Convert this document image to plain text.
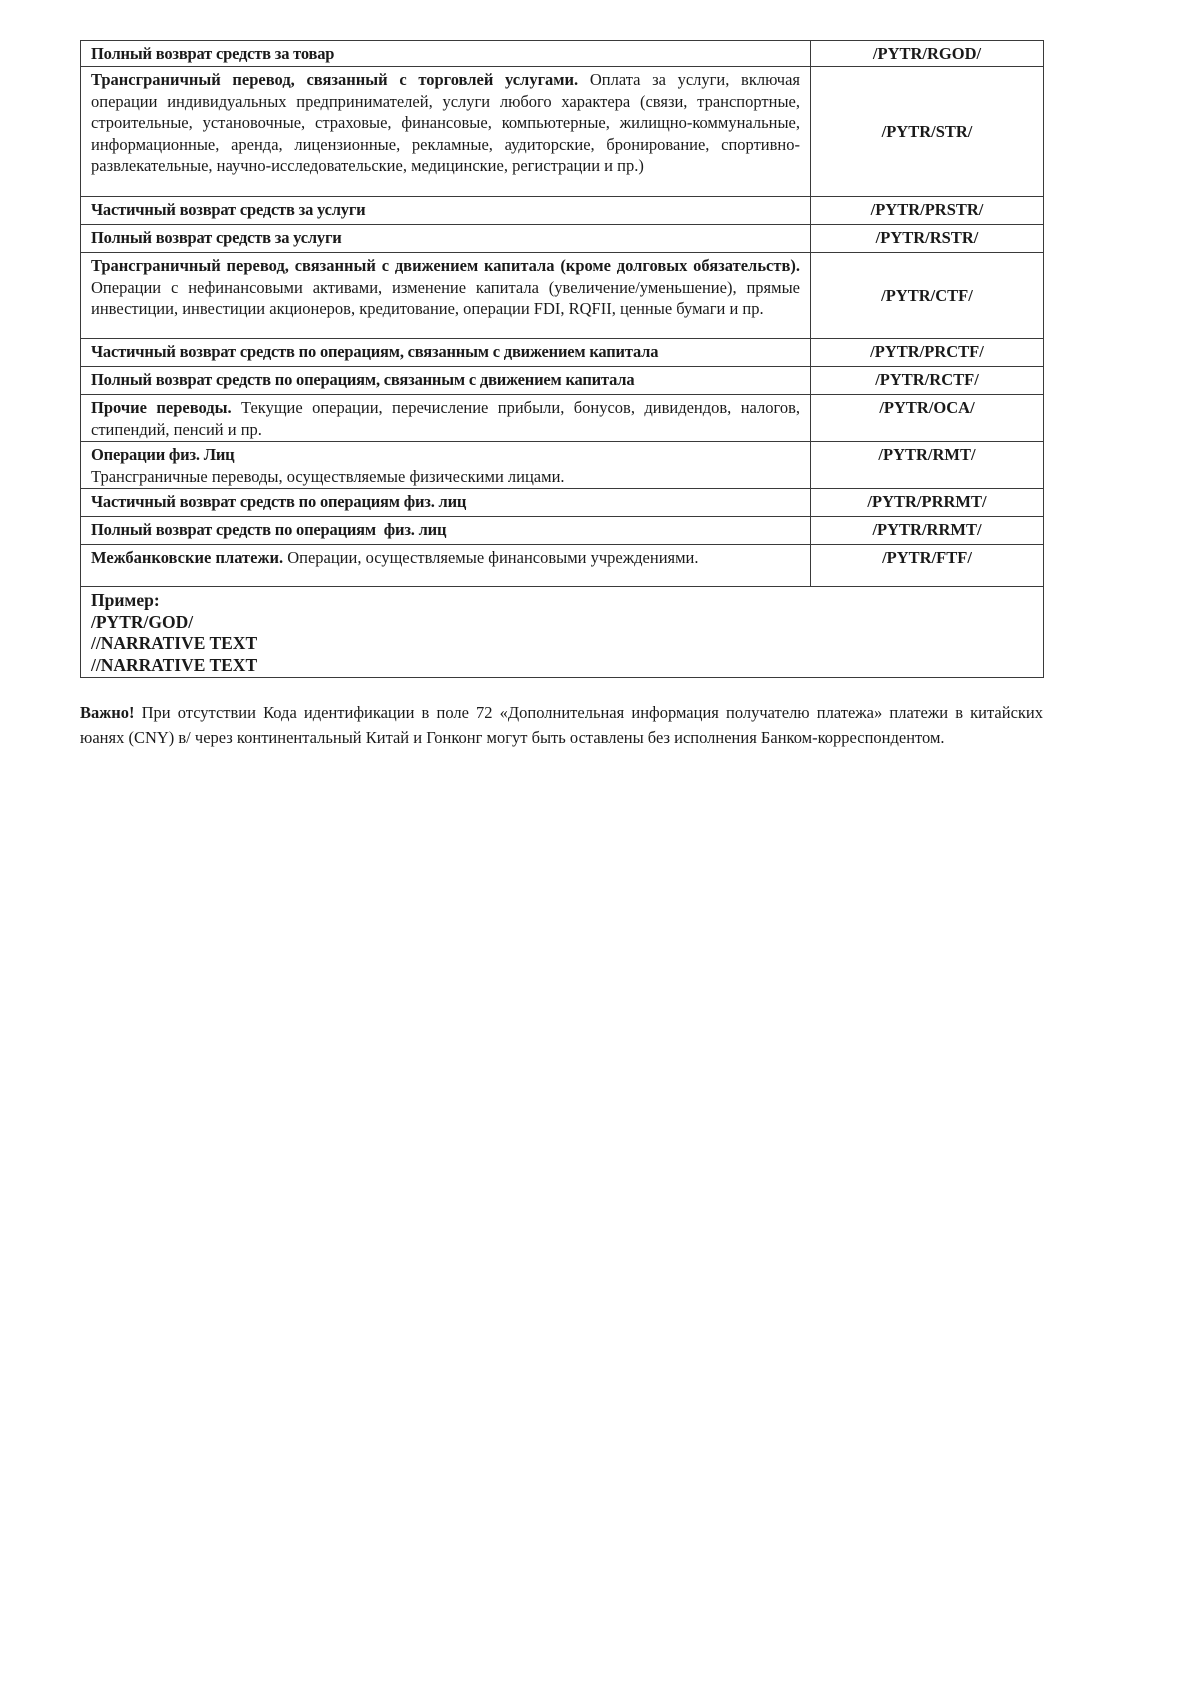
Полный возврат средств за товар	/PYTR/RGOD/
Трансграничный перевод, связанный с торговлей услугами. Оплата за услуги, включая операции индивидуальных предпринимателей, услуги любого характера (связи, транспортные, строительные, установочные, страховые, финансовые, компьютерные, жилищно-коммунальные, информационные, аренда, лицензионные, рекламные, аудиторские, бронирование, спортивно-развлекательные, научно-исследовательские, медицинские, регистрации и пр.)	/PYTR/STR/
Частичный возврат средств за услуги	/PYTR/PRSTR/
Полный возврат средств за услуги	/PYTR/RSTR/
Трансграничный перевод, связанный с движением капитала (кроме долговых обязательств). Операции с нефинансовыми активами, изменение капитала (увеличение/уменьшение), прямые инвестиции, инвестиции акционеров, кредитование, операции FDI, RQFII, ценные бумаги и пр.	/PYTR/CTF/
Частичный возврат средств по операциям, связанным с движением капитала	/PYTR/PRCTF/
Полный возврат средств по операциям, связанным с движением капитала	/PYTR/RCTF/
Прочие переводы. Текущие операции, перечисление прибыли, бонусов, дивидендов, налогов, стипендий, пенсий и пр.	/PYTR/OCA/

Операции физ. Лиц
Трансграничные переводы, осуществляемые физическими лицами.	/PYTR/RMT/
Частичный возврат средств по операциям физ. лиц	/PYTR/PRRMT/
Полный возврат средств по операциям  физ. лиц	/PYTR/RRMT/
Межбанковские платежи. Операции, осуществляемые финансовыми учреждениями.	/PYTR/FTF/

Пример:
/PYTR/GOD/
//NARRATIVE TEXT
//NARRATIVE TEXT	

Важно! При отсутствии Кода идентификации в поле 72 «Дополнительная информация получателю платежа» платежи в китайских юанях (CNY) в/ через континентальный Китай и Гонконг могут быть оставлены без исполнения Банком-корреспондентом.
